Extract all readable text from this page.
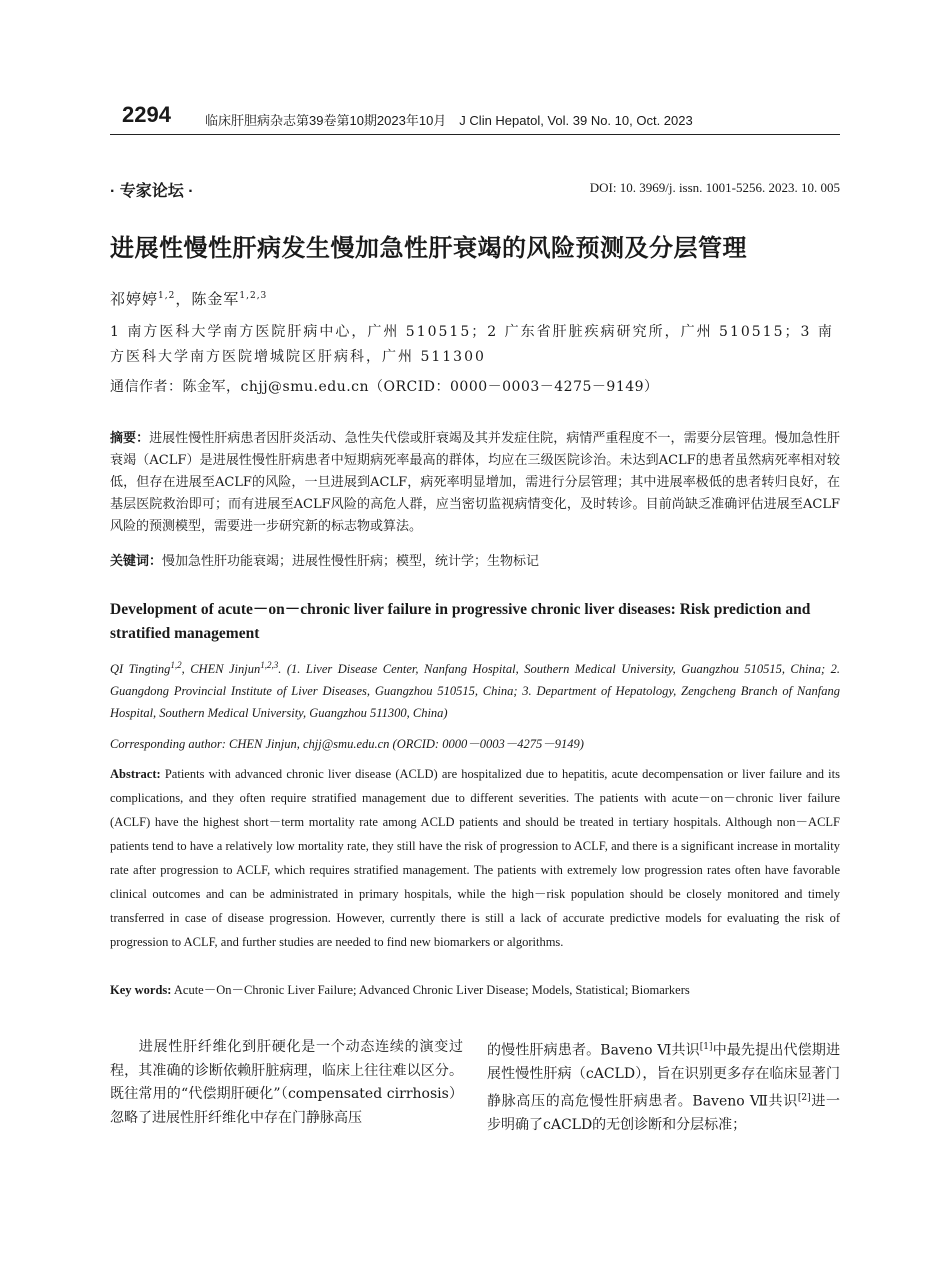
2294	临床肝胆病杂志第39卷第10期2023年10月　J Clin Hepatol, Vol. 39 No. 10, Oct. 2023
· 专家论坛 ·	DOI: 10. 3969/j. issn. 1001-5256. 2023. 10. 005
进展性慢性肝病发生慢加急性肝衰竭的风险预测及分层管理
祁婷婷$^{1,2}$，陈金军$^{1,2,3}$
1 南方医科大学南方医院肝病中心，广州 510515；2 广东省肝脏疾病研究所，广州 510515；3 南方医科大学南方医院增城院区肝病科，广州 511300
通信作者：陈金军，chjj@smu.edu.cn（ORCID：0000－0003－4275－9149）
摘要：进展性慢性肝病患者因肝炎活动、急性失代偿或肝衰竭及其并发症住院，病情严重程度不一，需要分层管理。慢加急性肝衰竭（ACLF）是进展性慢性肝病患者中短期病死率最高的群体，均应在三级医院诊治。未达到ACLF的患者虽然病死率相对较低，但存在进展至ACLF的风险，一旦进展到ACLF，病死率明显增加，需进行分层管理；其中进展率极低的患者转归良好，在基层医院救治即可；而有进展至ACLF风险的高危人群，应当密切监视病情变化，及时转诊。目前尚缺乏准确评估进展至ACLF风险的预测模型，需要进一步研究新的标志物或算法。
关键词：慢加急性肝功能衰竭；进展性慢性肝病；模型，统计学；生物标记
Development of acute－on－chronic liver failure in progressive chronic liver diseases: Risk prediction and stratified management
QI Tingting$^{1,2}$, CHEN Jinjun$^{1,2,3}$. (1. Liver Disease Center, Nanfang Hospital, Southern Medical University, Guangzhou 510515, China; 2. Guangdong Provincial Institute of Liver Diseases, Guangzhou 510515, China; 3. Department of Hepatology, Zengcheng Branch of Nanfang Hospital, Southern Medical University, Guangzhou 511300, China)
Corresponding author: CHEN Jinjun, chjj@smu.edu.cn (ORCID: 0000－0003－4275－9149)
Abstract: Patients with advanced chronic liver disease (ACLD) are hospitalized due to hepatitis, acute decompensation or liver failure and its complications, and they often require stratified management due to different severities. The patients with acute－on－chronic liver failure (ACLF) have the highest short－term mortality rate among ACLD patients and should be treated in tertiary hospitals. Although non－ACLF patients tend to have a relatively low mortality rate, they still have the risk of progression to ACLF, and there is a significant increase in mortality rate after progression to ACLF, which requires stratified management. The patients with extremely low progression rates often have favorable clinical outcomes and can be administrated in primary hospitals, while the high－risk population should be closely monitored and timely transferred in case of disease progression. However, currently there is still a lack of accurate predictive models for evaluating the risk of progression to ACLF, and further studies are needed to find new biomarkers or algorithms.
Key words: Acute－On－Chronic Liver Failure; Advanced Chronic Liver Disease; Models, Statistical; Biomarkers
进展性肝纤维化到肝硬化是一个动态连续的演变过程，其准确的诊断依赖肝脏病理，临床上往往难以区分。既往常用的“代偿期肝硬化”（compensated cirrhosis）忽略了进展性肝纤维化中存在门静脉高压
的慢性肝病患者。Baveno Ⅵ共识[1]中最先提出代偿期进展性慢性肝病（cACLD），旨在识别更多存在临床显著门静脉高压的高危慢性肝病患者。Baveno Ⅶ共识[2]进一步明确了cACLD的无创诊断和分层标准；
